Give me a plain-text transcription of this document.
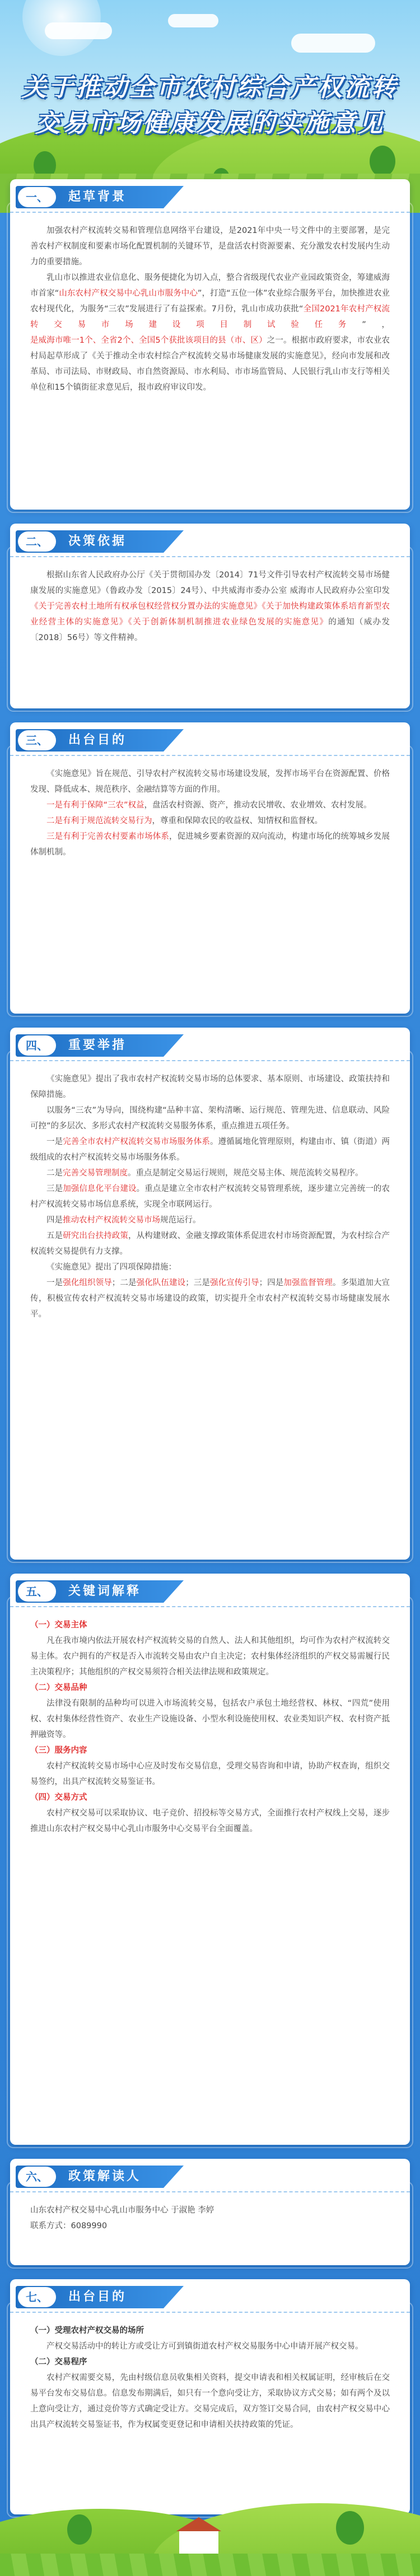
关于推动全市农村综合产权流转
交易市场健康发展的实施意见
一、	起草背景

加强农村产权流转交易和管理信息网络平台建设，是2021年中央一号文件中的主要部署，是完善农村产权制度和要素市场化配置机制的关键环节，是盘活农村资源要素、充分激发农村发展内生动力的重要措施。

乳山市以推进农业信息化、服务便捷化为切入点，整合省级现代农业产业园政策资金，筹建威海市首家“山东农村产权交易中心乳山市服务中心”，打造“五位一体”农业综合服务平台，加快推进农业农村现代化，为服务“三农”发展进行了有益探索。7月份，乳山市成功获批“全国2021年农村产权流转交易市场建设项目制试验任务”，是威海市唯一1个、全省2个、全国5个获批该项目的县（市、区）之一。根据市政府要求，市农业农村局起草形成了《关于推动全市农村综合产权流转交易市场健康发展的实施意见》，经向市发展和改革局、市司法局、市财政局、市自然资源局、市水利局、市市场监管局、人民银行乳山市支行等相关单位和15个镇街征求意见后，报市政府审议印发。

二、	决策依据

根据山东省人民政府办公厅《关于贯彻国办发〔2014〕71号文件引导农村产权流转交易市场健康发展的实施意见》（鲁政办发〔2015〕24号）、中共威海市委办公室 威海市人民政府办公室印发《关于完善农村土地所有权承包权经营权分置办法的实施意见》《关于加快构建政策体系培育新型农业经营主体的实施意见》《关于创新体制机制推进农业绿色发展的实施意见》的通知（威办发〔2018〕56号）等文件精神。

三、	出台目的

《实施意见》旨在规范、引导农村产权流转交易市场建设发展，发挥市场平台在资源配置、价格发现、降低成本、规范秩序、金融结算等方面的作用。

一是有利于保障“三农”权益，盘活农村资源、资产，推动农民增收、农业增效、农村发展。

二是有利于规范流转交易行为，尊重和保障农民的收益权、知情权和监督权。

三是有利于完善农村要素市场体系，促进城乡要素资源的双向流动，构建市场化的统筹城乡发展体制机制。

四、	重要举措

《实施意见》提出了我市农村产权流转交易市场的总体要求、基本原则、市场建设、政策扶持和保障措施。

以服务“三农”为导向，围绕构建“品种丰富、架构清晰、运行规范、管理先进、信息联动、风险可控”的多层次、多形式农村产权流转交易服务体系，重点推进五项任务。

一是完善全市农村产权流转交易市场服务体系。遵循属地化管理原则，构建由市、镇（街道）两级组成的农村产权流转交易市场服务体系。

二是完善交易管理制度。重点是制定交易运行规则，规范交易主体、规范流转交易程序。

三是加强信息化平台建设。重点是建立全市农村产权流转交易管理系统，逐步建立完善统一的农村产权流转交易市场信息系统，实现全市联网运行。

四是推动农村产权流转交易市场规范运行。

五是研究出台扶持政策，从构建财政、金融支撑政策体系促进农村市场资源配置，为农村综合产权流转交易提供有力支撑。

《实施意见》提出了四项保障措施：

一是强化组织领导；二是强化队伍建设；三是强化宣传引导；四是加强监督管理。多渠道加大宣传，积极宣传农村产权流转交易市场建设的政策，切实提升全市农村产权流转交易市场健康发展水平。

五、	关键词解释

（一）交易主体

凡在我市境内依法开展农村产权流转交易的自然人、法人和其他组织，均可作为农村产权流转交易主体。农户拥有的产权是否入市流转交易由农户自主决定；农村集体经济组织的产权交易需履行民主决策程序；其他组织的产权交易须符合相关法律法规和政策规定。

（二）交易品种

法律没有限制的品种均可以进入市场流转交易，包括农户承包土地经营权、林权、“四荒”使用权、农村集体经营性资产、农业生产设施设备、小型水利设施使用权、农业类知识产权、农村资产抵押融资等。

（三）服务内容

农村产权流转交易市场中心应及时发布交易信息，受理交易咨询和申请，协助产权查询，组织交易签约，出具产权流转交易鉴证书。

（四）交易方式

农村产权交易可以采取协议、电子竞价、招投标等交易方式，全面推行农村产权线上交易，逐步推进山东农村产权交易中心乳山市服务中心交易平台全面覆盖。

六、	政策解读人

山东农村产权交易中心乳山市服务中心 于淑艳 李婷

联系方式：6089990

七、	出台目的

（一）受理农村产权交易的场所

产权交易活动中的转让方或受让方可到镇街道农村产权交易服务中心申请开展产权交易。

（二）交易程序

农村产权需要交易，先由村级信息员收集相关资料，提交申请表和相关权属证明，经审核后在交易平台发布交易信息。信息发布期满后，如只有一个意向受让方，采取协议方式交易；如有两个及以上意向受让方，通过竞价等方式确定受让方。交易完成后，双方签订交易合同，由农村产权交易中心出具产权流转交易鉴证书，作为权属变更登记和申请相关扶持政策的凭证。
